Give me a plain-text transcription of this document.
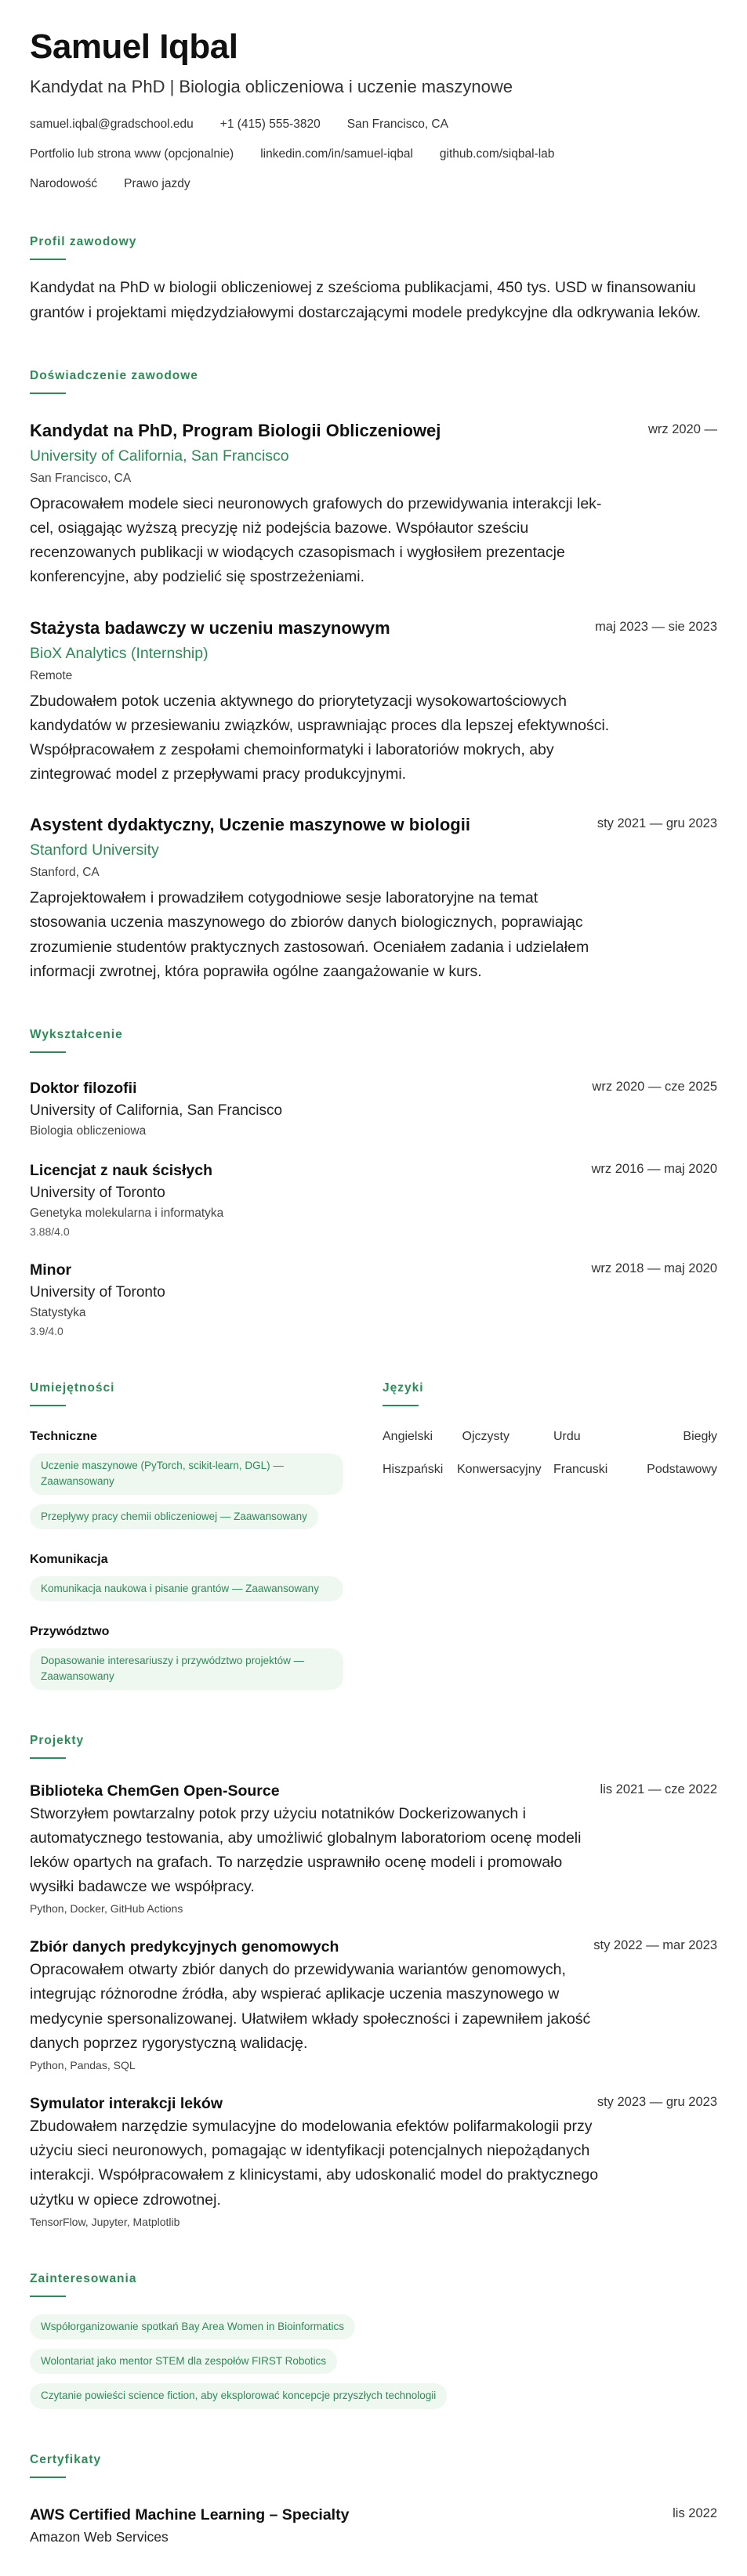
Samuel Iqbal
Kandydat na PhD | Biologia obliczeniowa i uczenie maszynowe
samuel.iqbal@gradschool.edu +1 (415) 555-3820 San Francisco, CA
Portfolio lub strona www (opcjonalnie) linkedin.com/in/samuel-iqbal github.com/siqbal-lab
Narodowość Prawo jazdy
Profil zawodowy

Kandydat na PhD w biologii obliczeniowej z sześcioma publikacjami, 450 tys. USD w finansowaniu grantów i projektami międzydziałowymi dostarczającymi modele predykcyjne dla odkrywania leków.

Doświadczenie zawodowe
Kandydat na PhD, Program Biologii Obliczeniowej	wrz 2020 —
University of California, San Francisco
San Francisco, CA

Opracowałem modele sieci neuronowych grafowych do przewidywania interakcji lek-cel, osiągając wyższą precyzję niż podejścia bazowe. Współautor sześciu recenzowanych publikacji w wiodących czasopismach i wygłosiłem prezentacje konferencyjne, aby podzielić się spostrzeżeniami.

Stażysta badawczy w uczeniu maszynowym	maj 2023 — sie 2023
BioX Analytics (Internship)
Remote

Zbudowałem potok uczenia aktywnego do priorytetyzacji wysokowartościowych kandydatów w przesiewaniu związków, usprawniając proces dla lepszej efektywności. Współpracowałem z zespołami chemoinformatyki i laboratoriów mokrych, aby zintegrować model z przepływami pracy produkcyjnymi.

Asystent dydaktyczny, Uczenie maszynowe w biologii	sty 2021 — gru 2023
Stanford University
Stanford, CA

Zaprojektowałem i prowadziłem cotygodniowe sesje laboratoryjne na temat stosowania uczenia maszynowego do zbiorów danych biologicznych, poprawiając zrozumienie studentów praktycznych zastosowań. Oceniałem zadania i udzielałem informacji zwrotnej, która poprawiła ogólne zaangażowanie w kurs.

Wykształcenie
Doktor filozofii	wrz 2020 — cze 2025
University of California, San Francisco
Biologia obliczeniowa
Licencjat z nauk ścisłych	wrz 2016 — maj 2020
University of Toronto
Genetyka molekularna i informatyka
3.88/4.0
Minor	wrz 2018 — maj 2020
University of Toronto
Statystyka
3.9/4.0
Umiejętności
Techniczne
Uczenie maszynowe (PyTorch, scikit-learn, DGL) — Zaawansowany
Przepływy pracy chemii obliczeniowej — Zaawansowany
Komunikacja
Komunikacja naukowa i pisanie grantów — Zaawansowany
Przywództwo
Dopasowanie interesariuszy i przywództwo projektów — Zaawansowany
Języki
Angielski	Ojczysty	Urdu	Biegły
Hiszpański	Konwersacyjny Francuski	Podstawowy
Projekty
Biblioteka ChemGen Open-Source	lis 2021 — cze 2022

Stworzyłem powtarzalny potok przy użyciu notatników Dockerizowanych i automatycznego testowania, aby umożliwić globalnym laboratoriom ocenę modeli leków opartych na grafach. To narzędzie usprawniło ocenę modeli i promowało wysiłki badawcze we współpracy.

Python, Docker, GitHub Actions
Zbiór danych predykcyjnych genomowych	sty 2022 — mar 2023

Opracowałem otwarty zbiór danych do przewidywania wariantów genomowych, integrując różnorodne źródła, aby wspierać aplikacje uczenia maszynowego w medycynie spersonalizowanej. Ułatwiłem wkłady społeczności i zapewniłem jakość danych poprzez rygorystyczną walidację.

Python, Pandas, SQL
Symulator interakcji leków	sty 2023 — gru 2023

Zbudowałem narzędzie symulacyjne do modelowania efektów polifarmakologii przy użyciu sieci neuronowych, pomagając w identyfikacji potencjalnych niepożądanych interakcji. Współpracowałem z klinicystami, aby udoskonalić model do praktycznego użytku w opiece zdrowotnej.

TensorFlow, Jupyter, Matplotlib
Zainteresowania
Współorganizowanie spotkań Bay Area Women in Bioinformatics
Wolontariat jako mentor STEM dla zespołów FIRST Robotics
Czytanie powieści science fiction, aby eksplorować koncepcje przyszłych technologii
Certyfikaty
AWS Certified Machine Learning – Specialty	lis 2022
Amazon Web Services
